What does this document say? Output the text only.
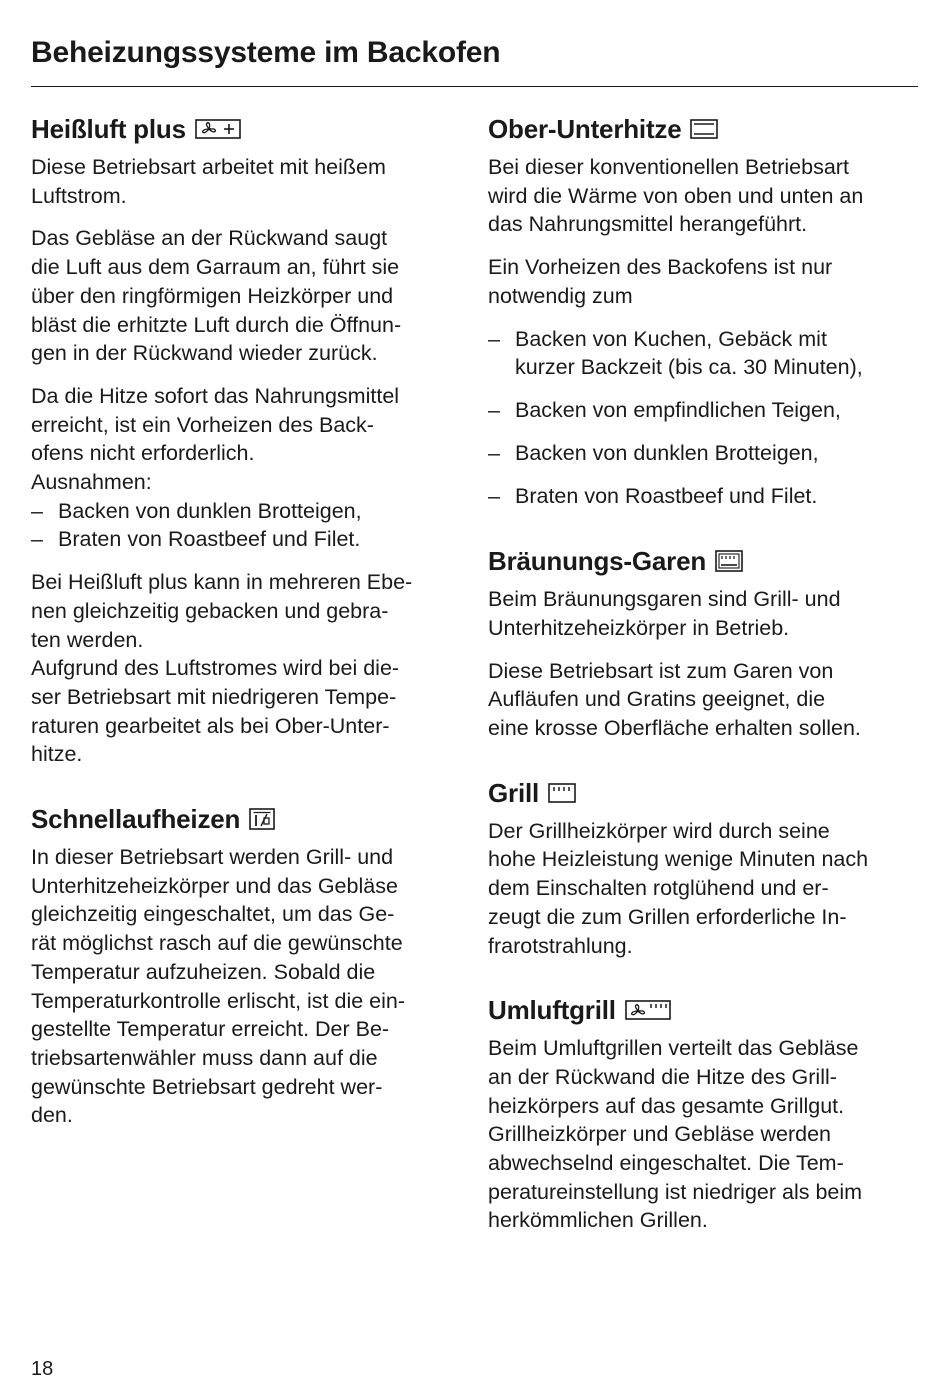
Beheizungssysteme im Backofen
Heißluft plus

Diese Betriebsart arbeitet mit heißem
Luftstrom.

Das Gebläse an der Rückwand saugt
die Luft aus dem Garraum an, führt sie
über den ringförmigen Heizkörper und
bläst die erhitzte Luft durch die Öffnun-
gen in der Rückwand wieder zurück.

Da die Hitze sofort das Nahrungsmittel
erreicht, ist ein Vorheizen des Back-
ofens nicht erforderlich.
Ausnahmen:

– Backen von dunklen Brotteigen,

– Braten von Roastbeef und Filet.

Bei Heißluft plus kann in mehreren Ebe-
nen gleichzeitig gebacken und gebra-
ten werden.
Aufgrund des Luftstromes wird bei die-
ser Betriebsart mit niedrigeren Tempe-
raturen gearbeitet als bei Ober-Unter-
hitze.

Schnellaufheizen

In dieser Betriebsart werden Grill- und
Unterhitzeheizkörper und das Gebläse
gleichzeitig eingeschaltet, um das Ge-
rät möglichst rasch auf die gewünschte
Temperatur aufzuheizen. Sobald die
Temperaturkontrolle erlischt, ist die ein-
gestellte Temperatur erreicht. Der Be-
triebsartenwähler muss dann auf die
gewünschte Betriebsart gedreht wer-
den.

Ober-Unterhitze

Bei dieser konventionellen Betriebsart
wird die Wärme von oben und unten an
das Nahrungsmittel herangeführt.

Ein Vorheizen des Backofens ist nur
notwendig zum

– Backen von Kuchen, Gebäck mit
kurzer Backzeit (bis ca. 30 Minuten),
– Backen von empfindlichen Teigen,
– Backen von dunklen Brotteigen,
– Braten von Roastbeef und Filet.
Bräunungs-Garen

Beim Bräunungsgaren sind Grill- und
Unterhitzeheizkörper in Betrieb.

Diese Betriebsart ist zum Garen von
Aufläufen und Gratins geeignet, die
eine krosse Oberfläche erhalten sollen.

Grill

Der Grillheizkörper wird durch seine
hohe Heizleistung wenige Minuten nach
dem Einschalten rotglühend und er-
zeugt die zum Grillen erforderliche In-
frarotstrahlung.

Umluftgrill

Beim Umluftgrillen verteilt das Gebläse
an der Rückwand die Hitze des Grill-
heizkörpers auf das gesamte Grillgut.
Grillheizkörper und Gebläse werden
abwechselnd eingeschaltet. Die Tem-
peratureinstellung ist niedriger als beim
herkömmlichen Grillen.

18
